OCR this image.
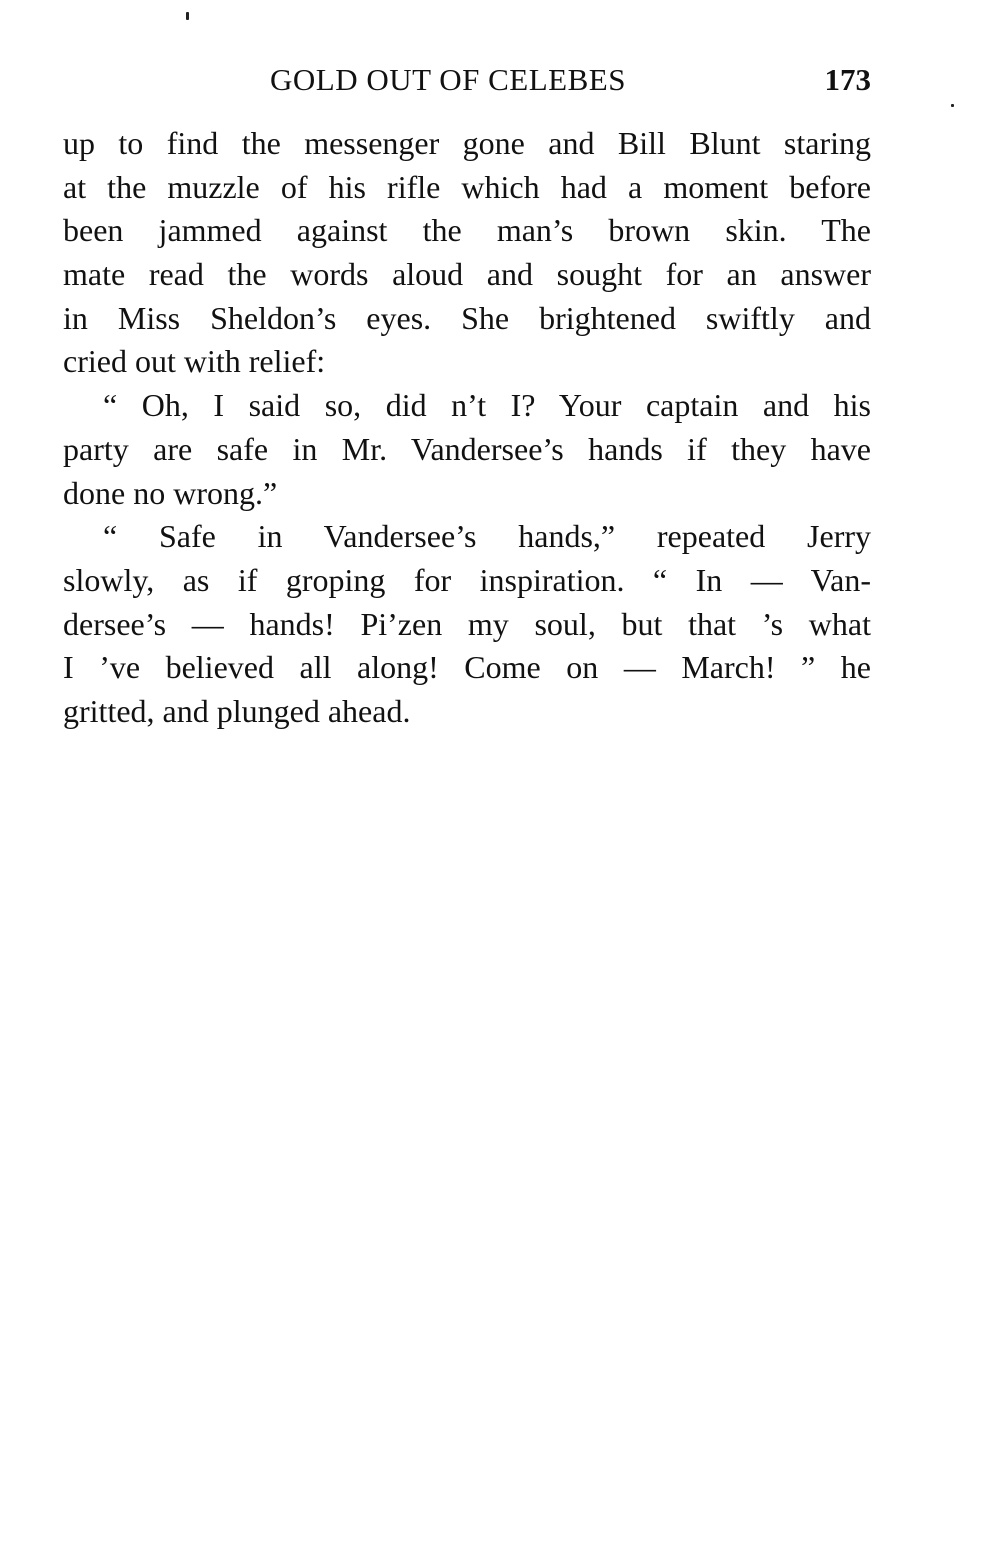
GOLD OUT OF CELEBES	173
up to find the messenger gone and Bill Blunt staring
at the muzzle of his rifle which had a moment before
been jammed against the man’s brown skin. The
mate read the words aloud and sought for an answer
in Miss Sheldon’s eyes. She brightened swiftly and
cried out with relief:
“ Oh, I said so, did n’t I? Your captain and his
party are safe in Mr. Vandersee’s hands if they have
done no wrong.”
“ Safe in Vandersee’s hands,” repeated Jerry
slowly, as if groping for inspiration. “ In — Van-
dersee’s — hands! Pi’zen my soul, but that ’s what
I ’ve believed all along! Come on — March! ” he
gritted, and plunged ahead.
